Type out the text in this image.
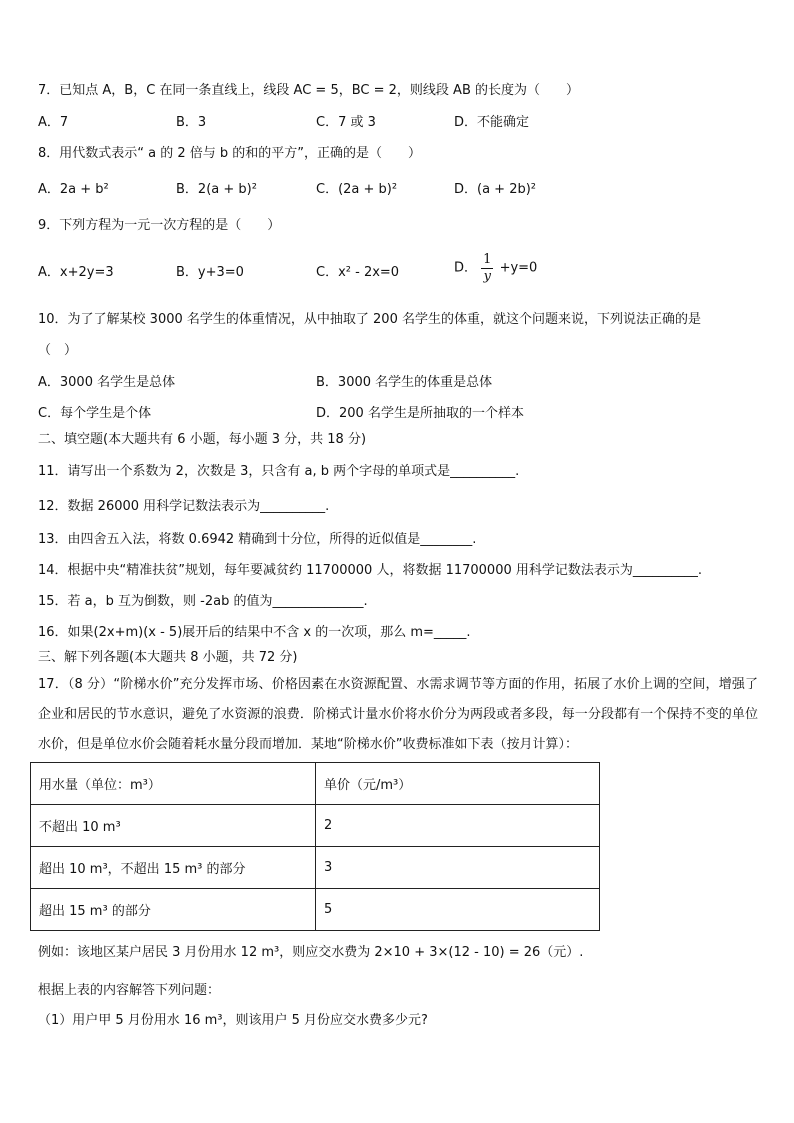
7．已知点 A，B，C 在同一条直线上，线段 AC = 5，BC = 2，则线段 AB 的长度为（　　）
A．7	B．3	C．7 或 3	D．不能确定
8．用代数式表示“ a 的 2 倍与 b 的和的平方”，正确的是（　　）
A．2a + b²	B．2(a + b)²	C．(2a + b)²	D．(a + 2b)²
9．下列方程为一元一次方程的是（　　）
A．x+2y=3	B．y+3=0	C．x² - 2x=0	D． $\frac{1}{y} +y=0$
10．为了了解某校 3000 名学生的体重情况，从中抽取了 200 名学生的体重，就这个问题来说，下列说法正确的是
（　）
A．3000 名学生是总体	B．3000 名学生的体重是总体
C．每个学生是个体	D．200 名学生是所抽取的一个样本
二、填空题(本大题共有 6 小题，每小题 3 分，共 18 分)
11．请写出一个系数为 2，次数是 3，只含有 a, b 两个字母的单项式是__________.
12．数据 26000 用科学记数法表示为__________.
13．由四舍五入法，将数 0.6942 精确到十分位，所得的近似值是________.
14．根据中央“精准扶贫”规划，每年要减贫约 11700000 人，将数据 11700000 用科学记数法表示为__________.
15．若 a，b 互为倒数，则 -2ab 的值为______________.
16．如果(2x+m)(x - 5)展开后的结果中不含 x 的一次项，那么 m=_____.
三、解下列各题(本大题共 8 小题，共 72 分)
17．（8 分）“阶梯水价”充分发挥市场、价格因素在水资源配置、水需求调节等方面的作用，拓展了水价上调的空间，增强了企业和居民的节水意识，避免了水资源的浪费．阶梯式计量水价将水价分为两段或者多段，每一分段都有一个保持不变的单位水价，但是单位水价会随着耗水量分段而增加．某地“阶梯水价”收费标准如下表（按月计算）：
用水量（单位：m³）	单价（元/m³）
不超出 10 m³	2
超出 10 m³，不超出 15 m³ 的部分	3
超出 15 m³ 的部分	5
例如：该地区某户居民 3 月份用水 12 m³，则应交水费为 2×10 + 3×(12 - 10) = 26（元）.
根据上表的内容解答下列问题：
（1）用户甲 5 月份用水 16 m³，则该用户 5 月份应交水费多少元?
